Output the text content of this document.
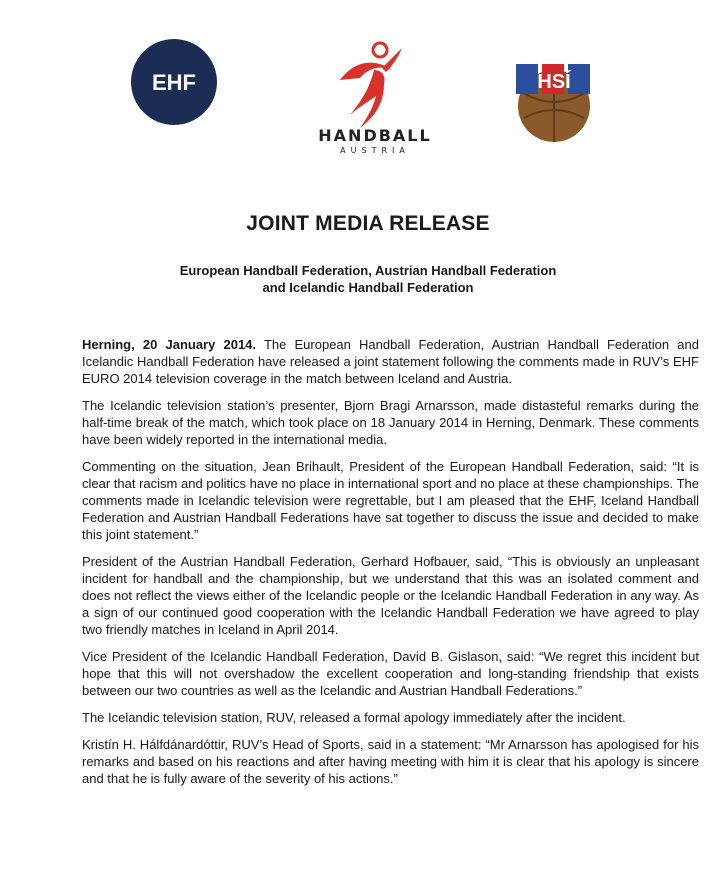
EHF
HANDBALL
AUSTRIA
HSÍ
JOINT MEDIA RELEASE
European Handball Federation, Austrian Handball Federation
and Icelandic Handball Federation

Herning, 20 January 2014. The European Handball Federation, Austrian Handball Federation and Icelandic Handball Federation have released a joint statement following the comments made in RUV’s EHF EURO 2014 television coverage in the match between Iceland and Austria.

The Icelandic television station’s presenter, Bjorn Bragi Arnarsson, made distasteful remarks during the half-time break of the match, which took place on 18 January 2014 in Herning, Denmark. These comments have been widely reported in the international media.

Commenting on the situation, Jean Brihault, President of the European Handball Federation, said: “It is clear that racism and politics have no place in international sport and no place at these championships. The comments made in Icelandic television were regrettable, but I am pleased that the EHF, Iceland Handball Federation and Austrian Handball Federations have sat together to discuss the issue and decided to make this joint statement.”

President of the Austrian Handball Federation, Gerhard Hofbauer, said, “This is obviously an unpleasant incident for handball and the championship, but we understand that this was an isolated comment and does not reflect the views either of the Icelandic people or the Icelandic Handball Federation in any way. As a sign of our continued good cooperation with the Icelandic Handball Federation we have agreed to play two friendly matches in Iceland in April 2014.

Vice President of the Icelandic Handball Federation, David B. Gislason, said: “We regret this incident but hope that this will not overshadow the excellent cooperation and long-standing friendship that exists between our two countries as well as the Icelandic and Austrian Handball Federations.”

The Icelandic television station, RUV, released a formal apology immediately after the incident.

Kristín H. Hálfdánardóttir, RUV’s Head of Sports, said in a statement: “Mr Arnarsson has apologised for his remarks and based on his reactions and after having meeting with him it is clear that his apology is sincere and that he is fully aware of the severity of his actions.”
